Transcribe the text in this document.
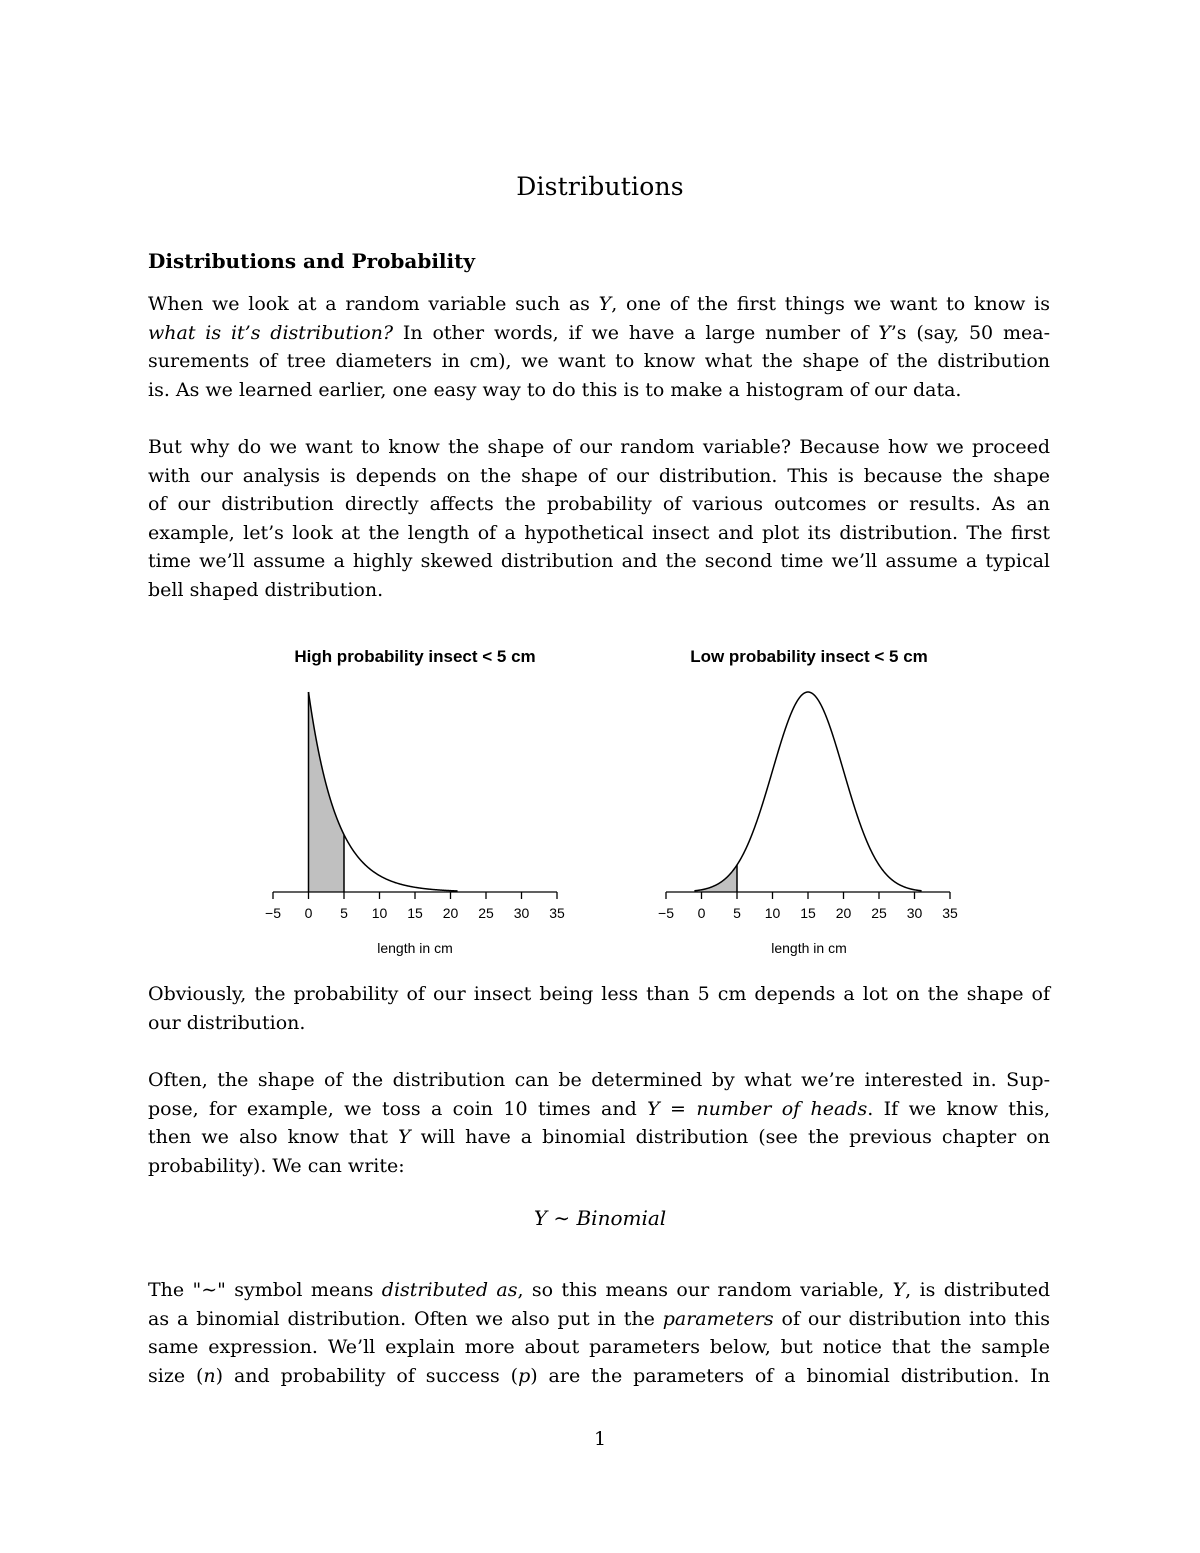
Distributions
Distributions and Probability
When we look at a random variable such as Y, one of the first things we want to know is
what is it’s distribution? In other words, if we have a large number of Y’s (say, 50 mea-
surements of tree diameters in cm), we want to know what the shape of the distribution
is. As we learned earlier, one easy way to do this is to make a histogram of our data.
But why do we want to know the shape of our random variable? Because how we proceed
with our analysis is depends on the shape of our distribution. This is because the shape
of our distribution directly affects the probability of various outcomes or results. As an
example, let’s look at the length of a hypothetical insect and plot its distribution. The first
time we’ll assume a highly skewed distribution and the second time we’ll assume a typical
bell shaped distribution.
High probability insect < 5 cm
−5 0 5 10 15 20 25 30 35
length in cm
Low probability insect < 5 cm
−5 0 5 10 15 20 25 30 35
length in cm
Obviously, the probability of our insect being less than 5 cm depends a lot on the shape of
our distribution.
Often, the shape of the distribution can be determined by what we’re interested in. Sup-
pose, for example, we toss a coin 10 times and Y = number of heads. If we know this,
then we also know that Y will have a binomial distribution (see the previous chapter on
probability). We can write:

Y ∼ Binomial

The "∼" symbol means distributed as, so this means our random variable, Y, is distributed
as a binomial distribution. Often we also put in the parameters of our distribution into this
same expression. We’ll explain more about parameters below, but notice that the sample
size (n) and probability of success (p) are the parameters of a binomial distribution. In

1
